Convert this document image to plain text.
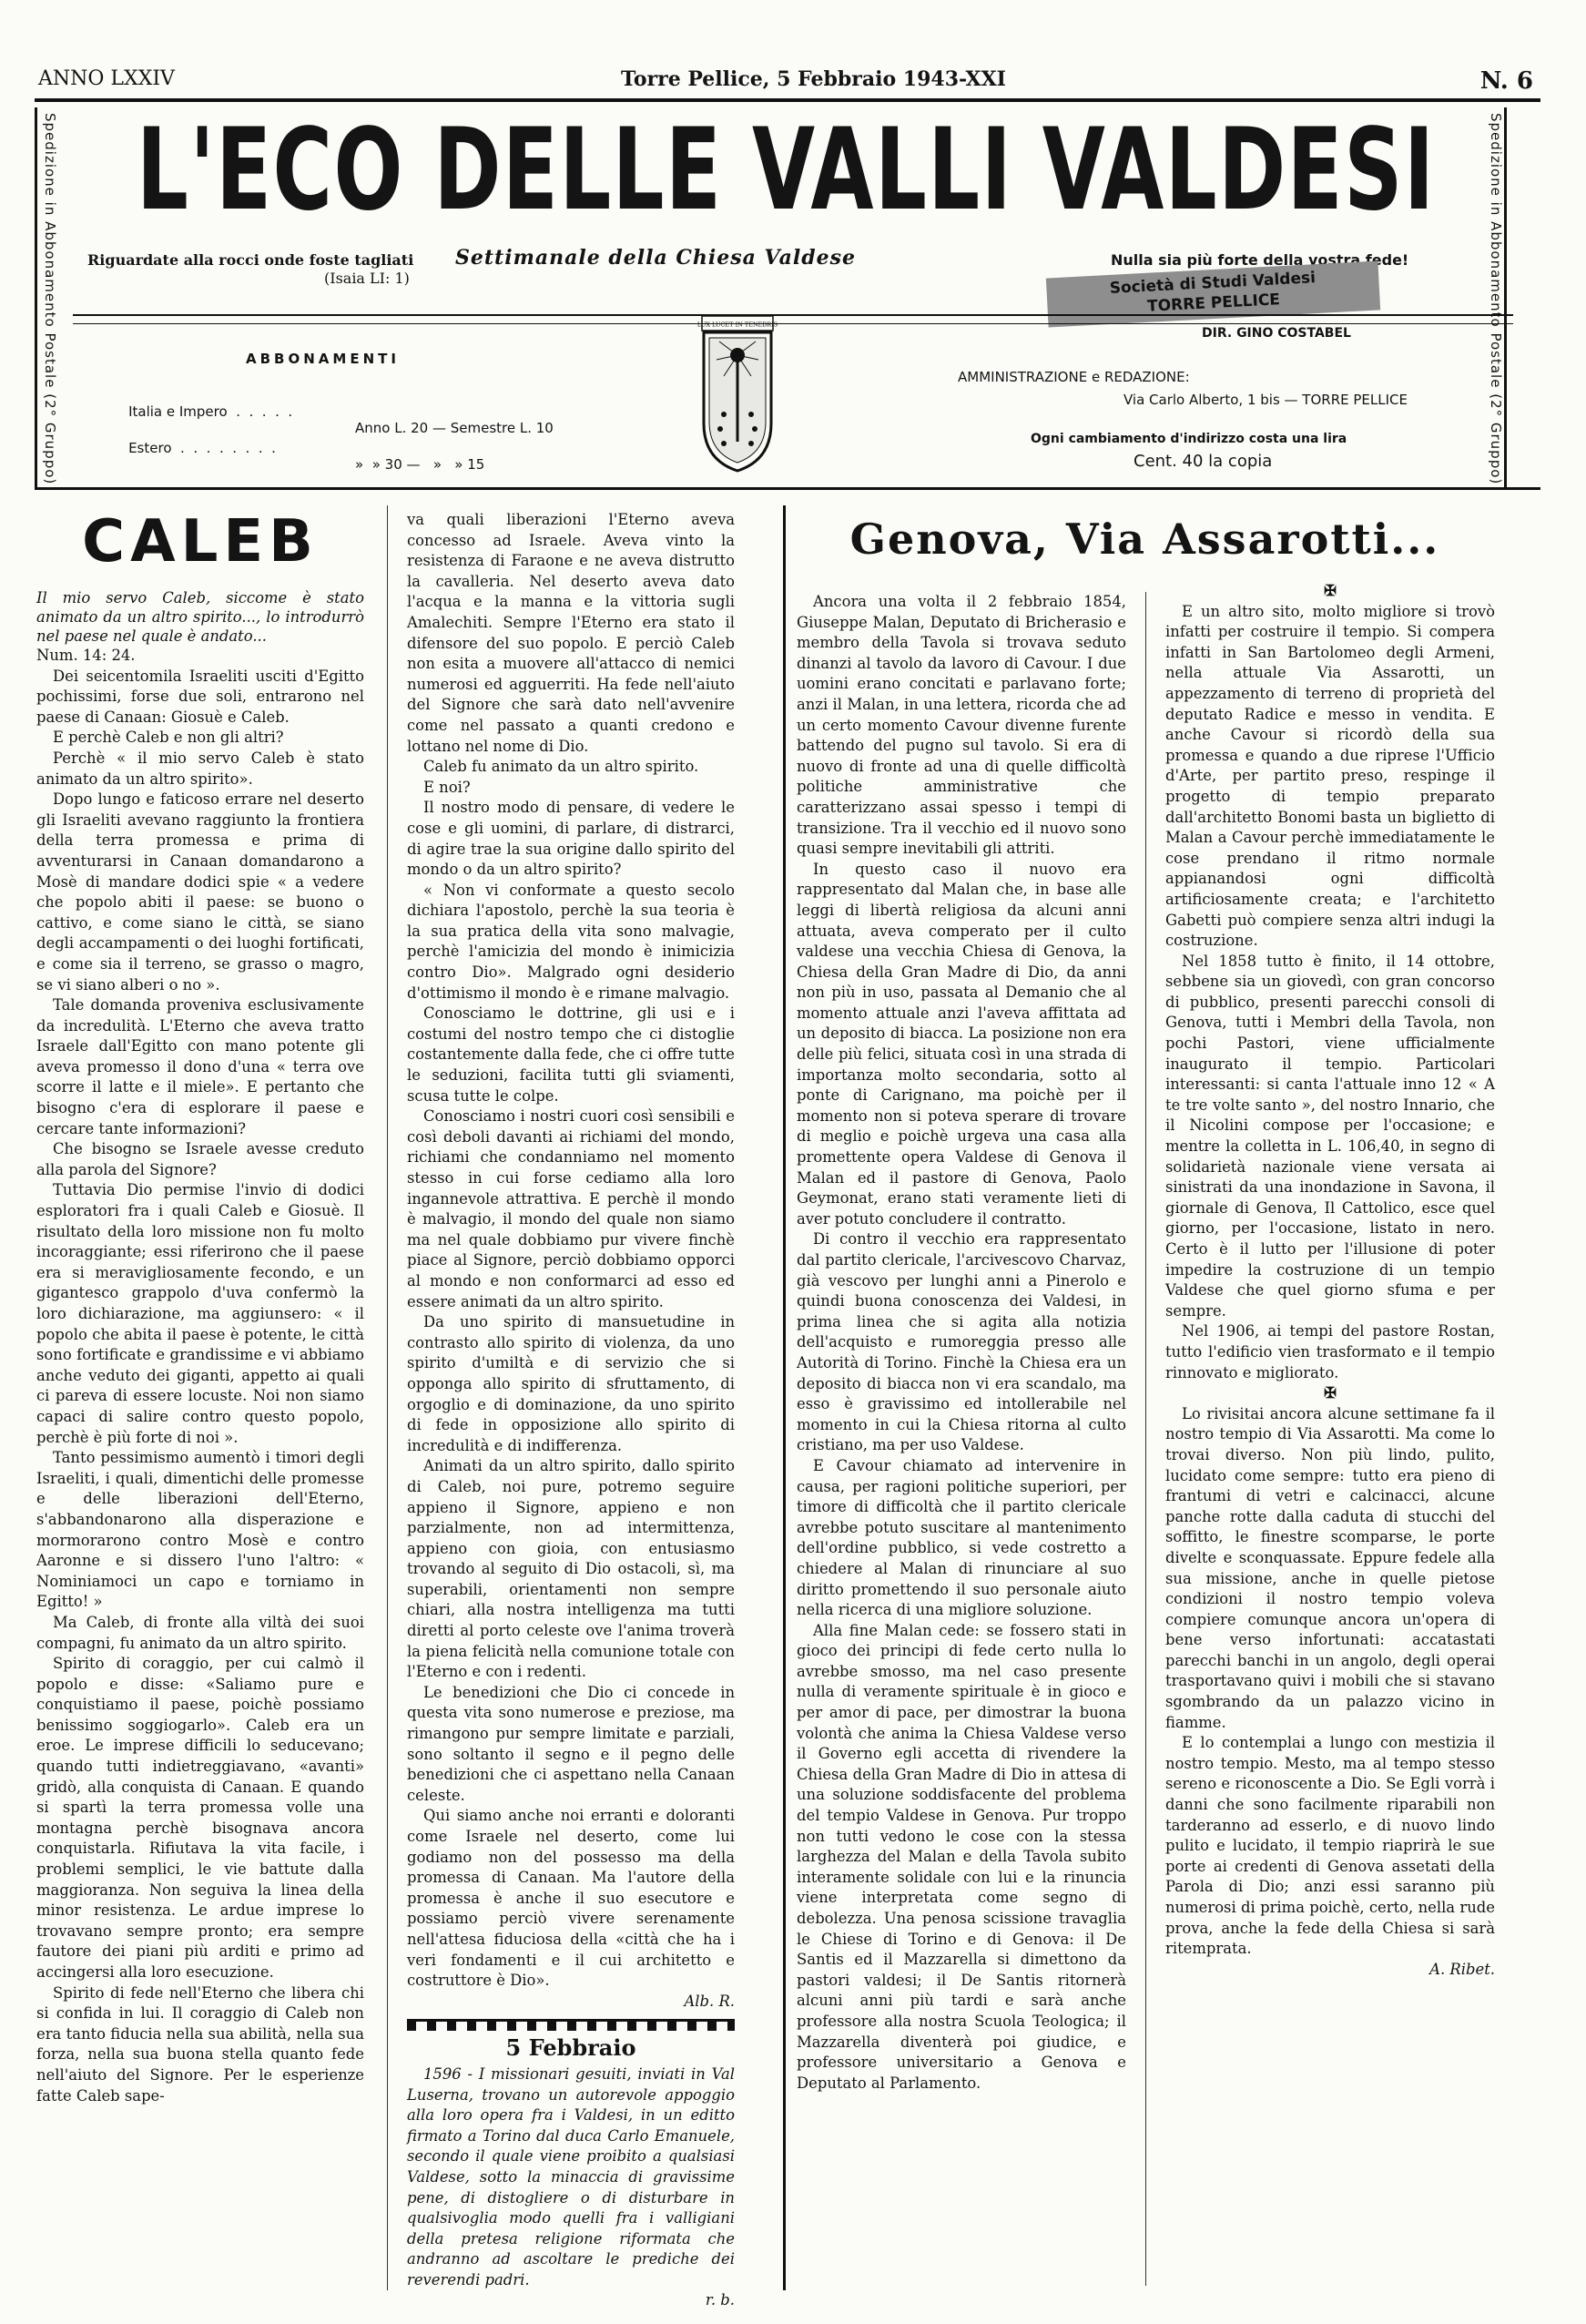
ANNO LXXIV	Torre Pellice, 5 Febbraio 1943-XXI	N. 6
Spedizione in Abbonamento Postale (2° Gruppo)	Spedizione in Abbonamento Postale (2° Gruppo)
L'ECO DELLE VALLI VALDESI
Riguardate alla rocci onde foste tagliati
(Isaia LI: 1)
Settimanale della Chiesa Valdese	Nulla sia più forte della vostra fede!
Società di Studi Valdesi
TORRE PELLICE
DIR. GINO COSTABEL
ABBONAMENTI

Italia e Impero  .  .  .  .  .

Anno L. 20 — Semestre L. 10

Estero  .  .  .  .  .  .  .  .

»  » 30 —   »   » 15

LUX LUCET IN TENEBRIS
AMMINISTRAZIONE e REDAZIONE:
Via Carlo Alberto, 1 bis — TORRE PELLICE
Ogni cambiamento d'indirizzo costa una lira
Cent. 40 la copia
CALEB

Il mio servo Caleb, siccome è stato animato da un altro spirito..., lo introdurrò nel paese nel quale è andato...

Num. 14: 24.

Dei seicentomila Israeliti usciti d'Egitto pochissimi, forse due soli, entrarono nel paese di Canaan: Giosuè e Caleb.

E perchè Caleb e non gli altri?

Perchè « il mio servo Caleb è stato animato da un altro spirito».

Dopo lungo e faticoso errare nel deserto gli Israeliti avevano raggiunto la frontiera della terra promessa e prima di avventurarsi in Canaan domandarono a Mosè di mandare dodici spie « a vedere che popolo abiti il paese: se buono o cattivo, e come siano le città, se siano degli accampamenti o dei luoghi fortificati, e come sia il terreno, se grasso o magro, se vi siano alberi o no ».

Tale domanda proveniva esclusivamente da incredulità. L'Eterno che aveva tratto Israele dall'Egitto con mano potente gli aveva promesso il dono d'una « terra ove scorre il latte e il miele». E pertanto che bisogno c'era di esplorare il paese e cercare tante informazioni?

Che bisogno se Israele avesse creduto alla parola del Signore?

Tuttavia Dio permise l'invio di dodici esploratori fra i quali Caleb e Giosuè. Il risultato della loro missione non fu molto incoraggiante; essi riferirono che il paese era si meravigliosamente fecondo, e un gigantesco grappolo d'uva confermò la loro dichiarazione, ma aggiunsero: « il popolo che abita il paese è potente, le città sono fortificate e grandissime e vi abbiamo anche veduto dei giganti, appetto ai quali ci pareva di essere locuste. Noi non siamo capaci di salire contro questo popolo, perchè è più forte di noi ».

Tanto pessimismo aumentò i timori degli Israeliti, i quali, dimentichi delle promesse e delle liberazioni dell'Eterno, s'abbandonarono alla disperazione e mormorarono contro Mosè e contro Aaronne e si dissero l'uno l'altro: « Nominiamoci un capo e torniamo in Egitto! »

Ma Caleb, di fronte alla viltà dei suoi compagni, fu animato da un altro spirito.

Spirito di coraggio, per cui calmò il popolo e disse: «Saliamo pure e conquistiamo il paese, poichè possiamo benissimo soggiogarlo». Caleb era un eroe. Le imprese difficili lo seducevano; quando tutti indietreggiavano, «avanti» gridò, alla conquista di Canaan. E quando si spartì la terra promessa volle una montagna perchè bisognava ancora conquistarla. Rifiutava la vita facile, i problemi semplici, le vie battute dalla maggioranza. Non seguiva la linea della minor resistenza. Le ardue imprese lo trovavano sempre pronto; era sempre fautore dei piani più arditi e primo ad accingersi alla loro esecuzione.

Spirito di fede nell'Eterno che libera chi si confida in lui. Il coraggio di Caleb non era tanto fiducia nella sua abilità, nella sua forza, nella sua buona stella quanto fede nell'aiuto del Signore. Per le esperienze fatte Caleb sape-

va quali liberazioni l'Eterno aveva concesso ad Israele. Aveva vinto la resistenza di Faraone e ne aveva distrutto la cavalleria. Nel deserto aveva dato l'acqua e la manna e la vittoria sugli Amalechiti. Sempre l'Eterno era stato il difensore del suo popolo. E perciò Caleb non esita a muovere all'attacco di nemici numerosi ed agguerriti. Ha fede nell'aiuto del Signore che sarà dato nell'avvenire come nel passato a quanti credono e lottano nel nome di Dio.

Caleb fu animato da un altro spirito.

E noi?

Il nostro modo di pensare, di vedere le cose e gli uomini, di parlare, di distrarci, di agire trae la sua origine dallo spirito del mondo o da un altro spirito?

« Non vi conformate a questo secolo dichiara l'apostolo, perchè la sua teoria è la sua pratica della vita sono malvagie, perchè l'amicizia del mondo è inimicizia contro Dio». Malgrado ogni desiderio d'ottimismo il mondo è e rimane malvagio.

Conosciamo le dottrine, gli usi e i costumi del nostro tempo che ci distoglie costantemente dalla fede, che ci offre tutte le seduzioni, facilita tutti gli sviamenti, scusa tutte le colpe.

Conosciamo i nostri cuori così sensibili e così deboli davanti ai richiami del mondo, richiami che condanniamo nel momento stesso in cui forse cediamo alla loro ingannevole attrattiva. E perchè il mondo è malvagio, il mondo del quale non siamo ma nel quale dobbiamo pur vivere finchè piace al Signore, perciò dobbiamo opporci al mondo e non conformarci ad esso ed essere animati da un altro spirito.

Da uno spirito di mansuetudine in contrasto allo spirito di violenza, da uno spirito d'umiltà e di servizio che si opponga allo spirito di sfruttamento, di orgoglio e di dominazione, da uno spirito di fede in opposizione allo spirito di incredulità e di indifferenza.

Animati da un altro spirito, dallo spirito di Caleb, noi pure, potremo seguire appieno il Signore, appieno e non parzialmente, non ad intermittenza, appieno con gioia, con entusiasmo trovando al seguito di Dio ostacoli, sì, ma superabili, orientamenti non sempre chiari, alla nostra intelligenza ma tutti diretti al porto celeste ove l'anima troverà la piena felicità nella comunione totale con l'Eterno e con i redenti.

Le benedizioni che Dio ci concede in questa vita sono numerose e preziose, ma rimangono pur sempre limitate e parziali, sono soltanto il segno e il pegno delle benedizioni che ci aspettano nella Canaan celeste.

Qui siamo anche noi erranti e doloranti come Israele nel deserto, come lui godiamo non del possesso ma della promessa di Canaan. Ma l'autore della promessa è anche il suo esecutore e possiamo perciò vivere serenamente nell'attesa fiduciosa della «città che ha i veri fondamenti e il cui architetto e costruttore è Dio».

Alb. R.

5 Febbraio

1596 - I missionari gesuiti, inviati in Val Luserna, trovano un autorevole appoggio alla loro opera fra i Valdesi, in un editto firmato a Torino dal duca Carlo Emanuele, secondo il quale viene proibito a qualsiasi Valdese, sotto la minaccia di gravissime pene, di distogliere o di disturbare in qualsivoglia modo quelli fra i valligiani della pretesa religione riformata che andranno ad ascoltare le prediche dei reverendi padri.

r. b.

Genova, Via Assarotti...

Ancora una volta il 2 febbraio 1854, Giuseppe Malan, Deputato di Bricherasio e membro della Tavola si trovava seduto dinanzi al tavolo da lavoro di Cavour. I due uomini erano concitati e parlavano forte; anzi il Malan, in una lettera, ricorda che ad un certo momento Cavour divenne furente battendo del pugno sul tavolo. Si era di nuovo di fronte ad una di quelle difficoltà politiche amministrative che caratterizzano assai spesso i tempi di transizione. Tra il vecchio ed il nuovo sono quasi sempre inevitabili gli attriti.

In questo caso il nuovo era rappresentato dal Malan che, in base alle leggi di libertà religiosa da alcuni anni attuata, aveva comperato per il culto valdese una vecchia Chiesa di Genova, la Chiesa della Gran Madre di Dio, da anni non più in uso, passata al Demanio che al momento attuale anzi l'aveva affittata ad un deposito di biacca. La posizione non era delle più felici, situata così in una strada di importanza molto secondaria, sotto al ponte di Carignano, ma poichè per il momento non si poteva sperare di trovare di meglio e poichè urgeva una casa alla promettente opera Valdese di Genova il Malan ed il pastore di Genova, Paolo Geymonat, erano stati veramente lieti di aver potuto concludere il contratto.

Di contro il vecchio era rappresentato dal partito clericale, l'arcivescovo Charvaz, già vescovo per lunghi anni a Pinerolo e quindi buona conoscenza dei Valdesi, in prima linea che si agita alla notizia dell'acquisto e rumoreggia presso alle Autorità di Torino. Finchè la Chiesa era un deposito di biacca non vi era scandalo, ma esso è gravissimo ed intollerabile nel momento in cui la Chiesa ritorna al culto cristiano, ma per uso Valdese.

E Cavour chiamato ad intervenire in causa, per ragioni politiche superiori, per timore di difficoltà che il partito clericale avrebbe potuto suscitare al mantenimento dell'ordine pubblico, si vede costretto a chiedere al Malan di rinunciare al suo diritto promettendo il suo personale aiuto nella ricerca di una migliore soluzione.

Alla fine Malan cede: se fossero stati in gioco dei principi di fede certo nulla lo avrebbe smosso, ma nel caso presente nulla di veramente spirituale è in gioco e per amor di pace, per dimostrar la buona volontà che anima la Chiesa Valdese verso il Governo egli accetta di rivendere la Chiesa della Gran Madre di Dio in attesa di una soluzione soddisfacente del problema del tempio Valdese in Genova. Pur troppo non tutti vedono le cose con la stessa larghezza del Malan e della Tavola subito interamente solidale con lui e la rinuncia viene interpretata come segno di debolezza. Una penosa scissione travaglia le Chiese di Torino e di Genova: il De Santis ed il Mazzarella si dimettono da pastori valdesi; il De Santis ritornerà alcuni anni più tardi e sarà anche professore alla nostra Scuola Teologica; il Mazzarella diventerà poi giudice, e professore universitario a Genova e Deputato al Parlamento.

✠

E un altro sito, molto migliore si trovò infatti per costruire il tempio. Si compera infatti in San Bartolomeo degli Armeni, nella attuale Via Assarotti, un appezzamento di terreno di proprietà del deputato Radice e messo in vendita. E anche Cavour si ricordò della sua promessa e quando a due riprese l'Ufficio d'Arte, per partito preso, respinge il progetto di tempio preparato dall'architetto Bonomi basta un biglietto di Malan a Cavour perchè immediatamente le cose prendano il ritmo normale appianandosi ogni difficoltà artificiosamente creata; e l'architetto Gabetti può compiere senza altri indugi la costruzione.

Nel 1858 tutto è finito, il 14 ottobre, sebbene sia un giovedì, con gran concorso di pubblico, presenti parecchi consoli di Genova, tutti i Membri della Tavola, non pochi Pastori, viene ufficialmente inaugurato il tempio. Particolari interessanti: si canta l'attuale inno 12 « A te tre volte santo », del nostro Innario, che il Nicolini compose per l'occasione; e mentre la colletta in L. 106,40, in segno di solidarietà nazionale viene versata ai sinistrati da una inondazione in Savona, il giornale di Genova, Il Cattolico, esce quel giorno, per l'occasione, listato in nero. Certo è il lutto per l'illusione di poter impedire la costruzione di un tempio Valdese che quel giorno sfuma e per sempre.

Nel 1906, ai tempi del pastore Rostan, tutto l'edificio vien trasformato e il tempio rinnovato e migliorato.

✠

Lo rivisitai ancora alcune settimane fa il nostro tempio di Via Assarotti. Ma come lo trovai diverso. Non più lindo, pulito, lucidato come sempre: tutto era pieno di frantumi di vetri e calcinacci, alcune panche rotte dalla caduta di stucchi del soffitto, le finestre scomparse, le porte divelte e sconquassate. Eppure fedele alla sua missione, anche in quelle pietose condizioni il nostro tempio voleva compiere comunque ancora un'opera di bene verso infortunati: accatastati parecchi banchi in un angolo, degli operai trasportavano quivi i mobili che si stavano sgombrando da un palazzo vicino in fiamme.

E lo contemplai a lungo con mestizia il nostro tempio. Mesto, ma al tempo stesso sereno e riconoscente a Dio. Se Egli vorrà i danni che sono facilmente riparabili non tarderanno ad esserlo, e di nuovo lindo pulito e lucidato, il tempio riaprirà le sue porte ai credenti di Genova assetati della Parola di Dio; anzi essi saranno più numerosi di prima poichè, certo, nella rude prova, anche la fede della Chiesa si sarà ritemprata.

A. Ribet.
